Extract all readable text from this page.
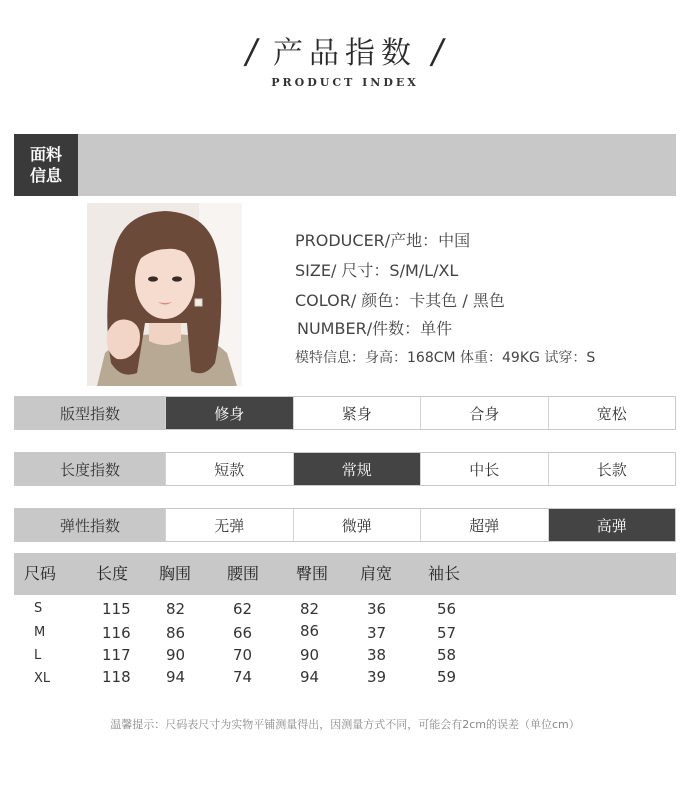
/ 产品指数 /
PRODUCT INDEX
面料
信息
PRODUCER/产地：中国
SIZE/ 尺寸：S/M/L/XL
COLOR/ 颜色：卡其色 / 黑色
NUMBER/件数：单件
模特信息：身高：168CM 体重：49KG 试穿：S
版型指数	修身	紧身	合身	宽松
长度指数	短款	常规	中长	长款
弹性指数	无弹	微弹	超弹	高弹
尺码 长度 胸围 腰围 臀围 肩宽 袖长
S	115 82	62	82	36	56
M	116 86	66	86	37	57
L	117 90	70	90	38	58
XL	118 94	74	94	39	59
温馨提示：尺码表尺寸为实物平铺测量得出，因测量方式不同，可能会有2cm的误差（单位cm）
